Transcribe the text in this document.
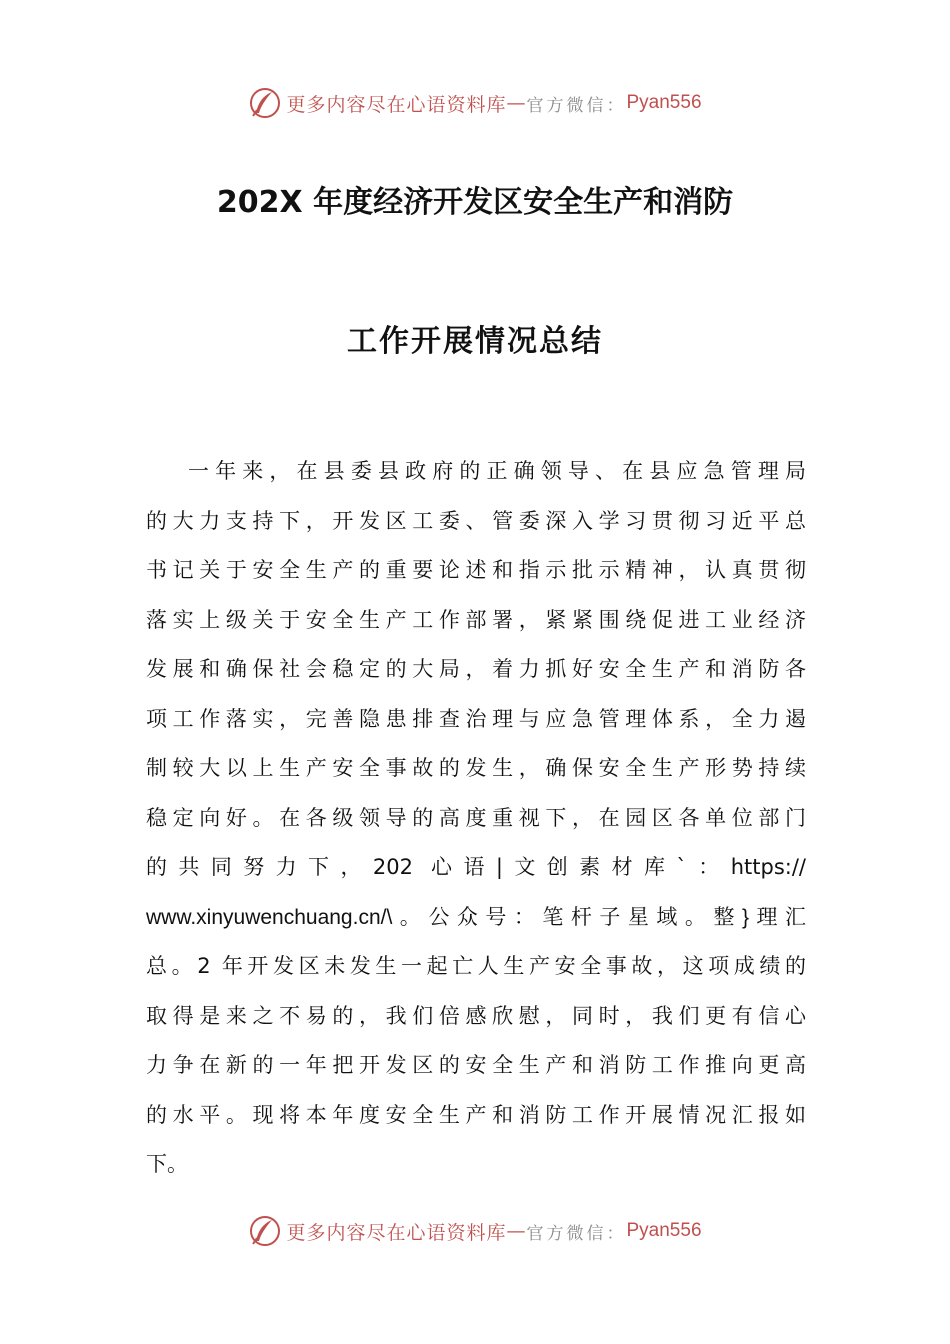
更多内容尽在心语资料库 — 官方微信： Pyan556
202X 年度经济开发区安全生产和消防
工作开展情况总结
一年来，在县委县政府的正确领导、在县应急管理局
的大力支持下，开发区工委、管委深入学习贯彻习近平总
书记关于安全生产的重要论述和指示批示精神，认真贯彻
落实上级关于安全生产工作部署，紧紧围绕促进工业经济
发展和确保社会稳定的大局，着力抓好安全生产和消防各
项工作落实，完善隐患排查治理与应急管理体系，全力遏
制较大以上生产安全事故的发生，确保安全生产形势持续
稳定向好。在各级领导的高度重视下，在园区各单位部门
的共同努力下，202 心语|文创素材库`：https://
www.xinyuwenchuang.cn/\。公众号：笔杆子星域。整}理汇
总。2 年开发区未发生一起亡人生产安全事故，这项成绩的
取得是来之不易的，我们倍感欣慰，同时，我们更有信心
力争在新的一年把开发区的安全生产和消防工作推向更高
的水平。现将本年度安全生产和消防工作开展情况汇报如
下。
更多内容尽在心语资料库 — 官方微信： Pyan556
